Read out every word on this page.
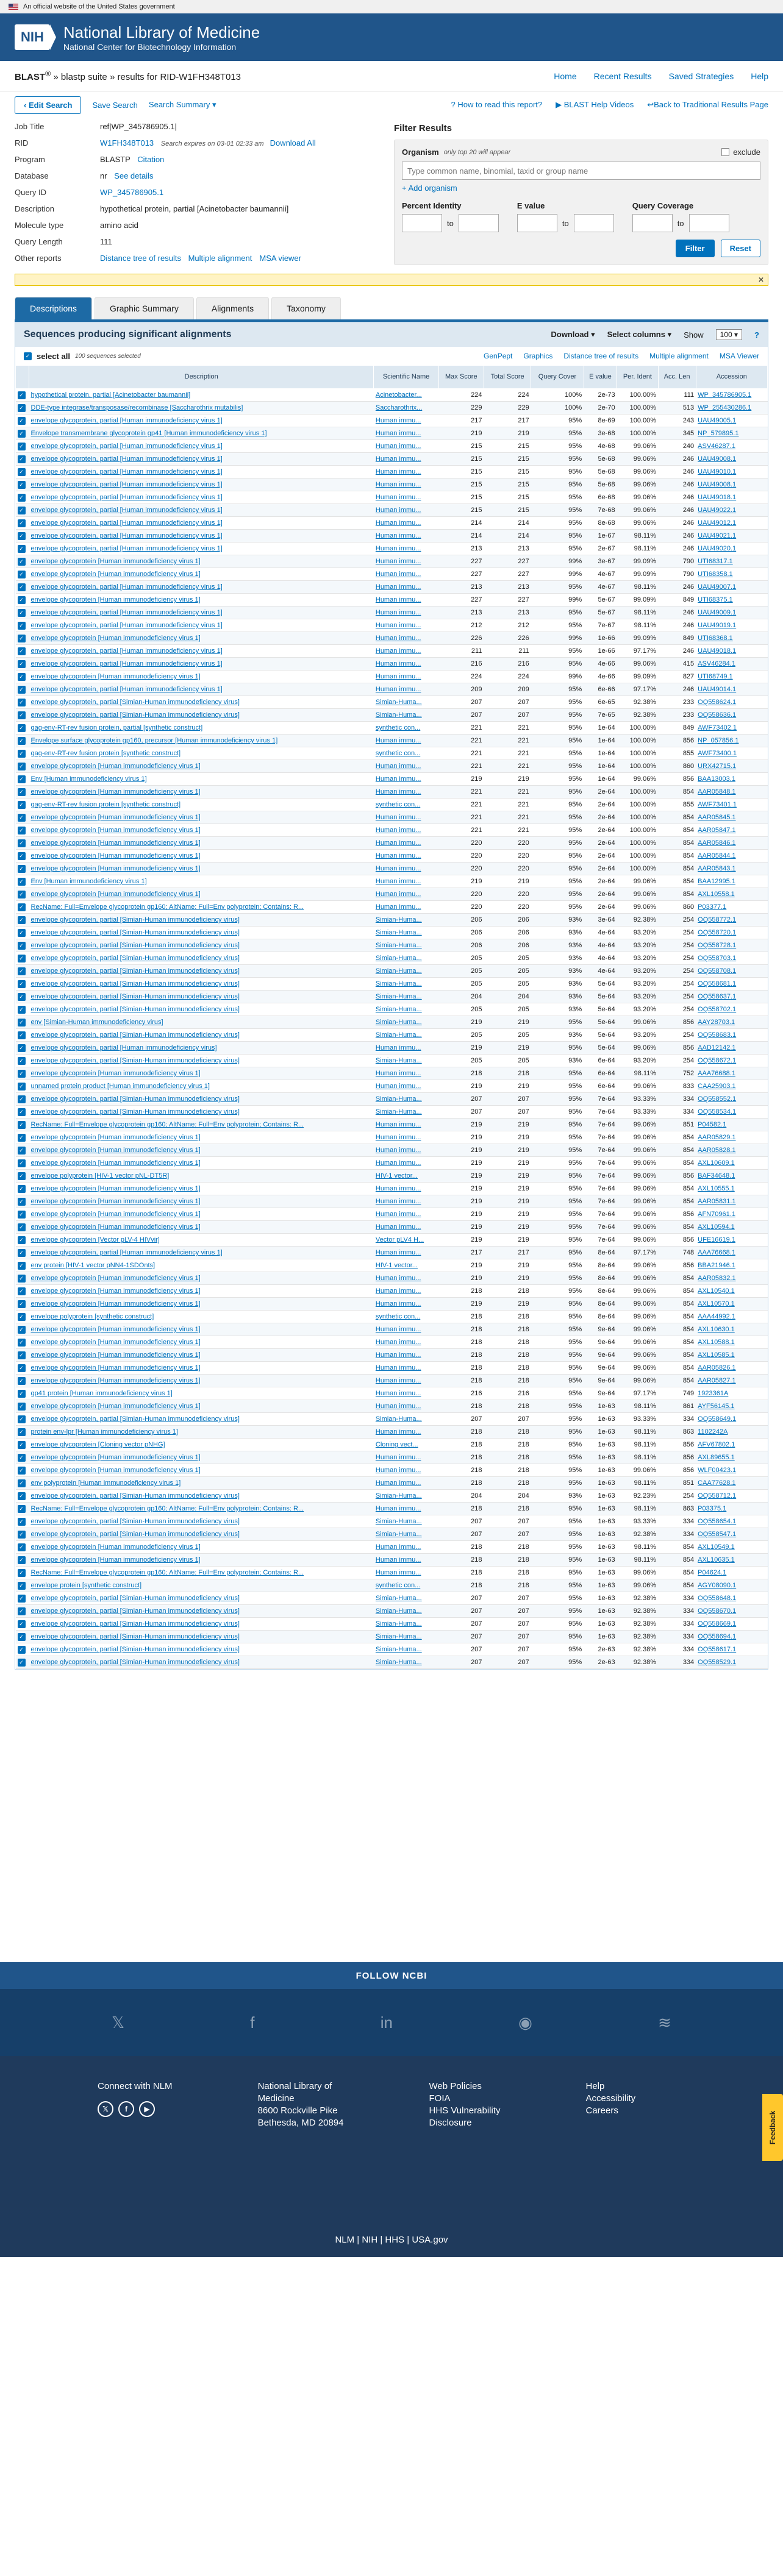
An official website of the United States government
NIH	National Library of Medicine
National Center for Biotechnology Information
BLAST® » blastp suite » results for RID-W1FH348T013	Home Recent Results Saved Strategies Help
‹ Edit Search	Save Search Search Summary ▾	? How to read this report? ▶ BLAST Help Videos ↩Back to Traditional Results Page
Job Title	ref|WP_345786905.1|
RID	W1FH348T013 Search expires on 03-01 02:33 am Download All
Program	BLASTP Citation
Database	nr See details
Query ID	WP_345786905.1
Description	hypothetical protein, partial [Acinetobacter baumannii]
Molecule type	amino acid
Query Length	111
Other reports	Distance tree of results Multiple alignment MSA viewer
Filter Results
Organism only top 20 will appear	exclude
Type common name, binomial, taxid or group name
+ Add organism
Percent Identity
to
E value
to
Query Coverage
to
Filter	Reset
✕
Descriptions	Graphic Summary	Alignments	Taxonomy
Sequences producing significant alignments	Download ▾ Select columns ▾ Show	100 ▾	?
✓ select all 100 sequences selected	GenPept Graphics Distance tree of results Multiple alignment MSA Viewer
	Description	Scientific Name	Max Score	Total Score	Query Cover	E value	Per. Ident	Acc. Len	Accession
✓	hypothetical protein, partial [Acinetobacter baumannii]	Acinetobacter...	224	224	100%	2e-73	100.00%	111	WP_345786905.1
✓	DDE-type integrase/transposase/recombinase [Saccharothrix mutabilis]	Saccharothrix...	229	229	100%	2e-70	100.00%	513	WP_255430286.1
✓	envelope glycoprotein, partial [Human immunodeficiency virus 1]	Human immu...	217	217	95%	8e-69	100.00%	243	UAU49005.1
✓	Envelope transmembrane glycoprotein gp41 [Human immunodeficiency virus 1]	Human immu...	219	219	95%	3e-68	100.00%	345	NP_579895.1
✓	envelope glycoprotein, partial [Human immunodeficiency virus 1]	Human immu...	215	215	95%	4e-68	99.06%	240	ASV46287.1
✓	envelope glycoprotein, partial [Human immunodeficiency virus 1]	Human immu...	215	215	95%	5e-68	99.06%	246	UAU49008.1
✓	envelope glycoprotein, partial [Human immunodeficiency virus 1]	Human immu...	215	215	95%	5e-68	99.06%	246	UAU49010.1
✓	envelope glycoprotein, partial [Human immunodeficiency virus 1]	Human immu...	215	215	95%	5e-68	99.06%	246	UAU49008.1
✓	envelope glycoprotein, partial [Human immunodeficiency virus 1]	Human immu...	215	215	95%	6e-68	99.06%	246	UAU49018.1
✓	envelope glycoprotein, partial [Human immunodeficiency virus 1]	Human immu...	215	215	95%	7e-68	99.06%	246	UAU49022.1
✓	envelope glycoprotein, partial [Human immunodeficiency virus 1]	Human immu...	214	214	95%	8e-68	99.06%	246	UAU49012.1
✓	envelope glycoprotein, partial [Human immunodeficiency virus 1]	Human immu...	214	214	95%	1e-67	98.11%	246	UAU49021.1
✓	envelope glycoprotein, partial [Human immunodeficiency virus 1]	Human immu...	213	213	95%	2e-67	98.11%	246	UAU49020.1
✓	envelope glycoprotein [Human immunodeficiency virus 1]	Human immu...	227	227	99%	3e-67	99.09%	790	UTI68317.1
✓	envelope glycoprotein [Human immunodeficiency virus 1]	Human immu...	227	227	99%	4e-67	99.09%	790	UTI68358.1
✓	envelope glycoprotein, partial [Human immunodeficiency virus 1]	Human immu...	213	213	95%	4e-67	98.11%	246	UAU49007.1
✓	envelope glycoprotein [Human immunodeficiency virus 1]	Human immu...	227	227	99%	5e-67	99.09%	849	UTI68375.1
✓	envelope glycoprotein, partial [Human immunodeficiency virus 1]	Human immu...	213	213	95%	5e-67	98.11%	246	UAU49009.1
✓	envelope glycoprotein, partial [Human immunodeficiency virus 1]	Human immu...	212	212	95%	7e-67	98.11%	246	UAU49019.1
✓	envelope glycoprotein [Human immunodeficiency virus 1]	Human immu...	226	226	99%	1e-66	99.09%	849	UTI68368.1
✓	envelope glycoprotein, partial [Human immunodeficiency virus 1]	Human immu...	211	211	95%	1e-66	97.17%	246	UAU49018.1
✓	envelope glycoprotein, partial [Human immunodeficiency virus 1]	Human immu...	216	216	95%	4e-66	99.06%	415	ASV46284.1
✓	envelope glycoprotein [Human immunodeficiency virus 1]	Human immu...	224	224	99%	4e-66	99.09%	827	UTI68749.1
✓	envelope glycoprotein, partial [Human immunodeficiency virus 1]	Human immu...	209	209	95%	6e-66	97.17%	246	UAU49014.1
✓	envelope glycoprotein, partial [Simian-Human immunodeficiency virus]	Simian-Huma...	207	207	95%	6e-65	92.38%	233	OQ558624.1
✓	envelope glycoprotein, partial [Simian-Human immunodeficiency virus]	Simian-Huma...	207	207	95%	7e-65	92.38%	233	OQ558636.1
✓	gag-env-RT-rev fusion protein, partial [synthetic construct]	synthetic con...	221	221	95%	1e-64	100.00%	849	AWF73402.1
✓	Envelope surface glycoprotein gp160, precursor [Human immunodeficiency virus 1]	Human immu...	221	221	95%	1e-64	100.00%	856	NP_057856.1
✓	gag-env-RT-rev fusion protein [synthetic construct]	synthetic con...	221	221	95%	1e-64	100.00%	855	AWF73400.1
✓	envelope glycoprotein [Human immunodeficiency virus 1]	Human immu...	221	221	95%	1e-64	100.00%	860	URX42715.1
✓	Env [Human immunodeficiency virus 1]	Human immu...	219	219	95%	1e-64	99.06%	856	BAA13003.1
✓	envelope glycoprotein [Human immunodeficiency virus 1]	Human immu...	221	221	95%	2e-64	100.00%	854	AAR05848.1
✓	gag-env-RT-rev fusion protein [synthetic construct]	synthetic con...	221	221	95%	2e-64	100.00%	855	AWF73401.1
✓	envelope glycoprotein [Human immunodeficiency virus 1]	Human immu...	221	221	95%	2e-64	100.00%	854	AAR05845.1
✓	envelope glycoprotein [Human immunodeficiency virus 1]	Human immu...	221	221	95%	2e-64	100.00%	854	AAR05847.1
✓	envelope glycoprotein [Human immunodeficiency virus 1]	Human immu...	220	220	95%	2e-64	100.00%	854	AAR05846.1
✓	envelope glycoprotein [Human immunodeficiency virus 1]	Human immu...	220	220	95%	2e-64	100.00%	854	AAR05844.1
✓	envelope glycoprotein [Human immunodeficiency virus 1]	Human immu...	220	220	95%	2e-64	100.00%	854	AAR05843.1
✓	Env [Human immunodeficiency virus 1]	Human immu...	219	219	95%	2e-64	99.06%	854	BAA12995.1
✓	envelope glycoprotein [Human immunodeficiency virus 1]	Human immu...	220	220	95%	2e-64	99.06%	854	AXL10558.1
✓	RecName: Full=Envelope glycoprotein gp160; AltName: Full=Env polyprotein; Contains: R...	Human immu...	220	220	95%	2e-64	99.06%	860	P03377.1
✓	envelope glycoprotein, partial [Simian-Human immunodeficiency virus]	Simian-Huma...	206	206	93%	3e-64	92.38%	254	OQ558772.1
✓	envelope glycoprotein, partial [Simian-Human immunodeficiency virus]	Simian-Huma...	206	206	93%	4e-64	93.20%	254	OQ558720.1
✓	envelope glycoprotein, partial [Simian-Human immunodeficiency virus]	Simian-Huma...	206	206	93%	4e-64	93.20%	254	OQ558728.1
✓	envelope glycoprotein, partial [Simian-Human immunodeficiency virus]	Simian-Huma...	205	205	93%	4e-64	93.20%	254	OQ558703.1
✓	envelope glycoprotein, partial [Simian-Human immunodeficiency virus]	Simian-Huma...	205	205	93%	4e-64	93.20%	254	OQ558708.1
✓	envelope glycoprotein, partial [Simian-Human immunodeficiency virus]	Simian-Huma...	205	205	93%	5e-64	93.20%	254	OQ558681.1
✓	envelope glycoprotein, partial [Simian-Human immunodeficiency virus]	Simian-Huma...	204	204	93%	5e-64	93.20%	254	OQ558637.1
✓	envelope glycoprotein, partial [Simian-Human immunodeficiency virus]	Simian-Huma...	205	205	93%	5e-64	93.20%	254	OQ558702.1
✓	env [Simian-Human immunodeficiency virus]	Simian-Huma...	219	219	95%	5e-64	99.06%	856	AAY28703.1
✓	envelope glycoprotein, partial [Simian-Human immunodeficiency virus]	Simian-Huma...	205	205	93%	5e-64	93.20%	254	OQ558683.1
✓	envelope glycoprotein, partial [Human immunodeficiency virus]	Human immu...	219	219	95%	5e-64	99.06%	856	AAD12142.1
✓	envelope glycoprotein, partial [Simian-Human immunodeficiency virus]	Simian-Huma...	205	205	93%	6e-64	93.20%	254	OQ558672.1
✓	envelope glycoprotein [Human immunodeficiency virus 1]	Human immu...	218	218	95%	6e-64	98.11%	752	AAA76688.1
✓	unnamed protein product [Human immunodeficiency virus 1]	Human immu...	219	219	95%	6e-64	99.06%	833	CAA25903.1
✓	envelope glycoprotein, partial [Simian-Human immunodeficiency virus]	Simian-Huma...	207	207	95%	7e-64	93.33%	334	OQ558552.1
✓	envelope glycoprotein, partial [Simian-Human immunodeficiency virus]	Simian-Huma...	207	207	95%	7e-64	93.33%	334	OQ558534.1
✓	RecName: Full=Envelope glycoprotein gp160; AltName: Full=Env polyprotein; Contains: R...	Human immu...	219	219	95%	7e-64	99.06%	851	P04582.1
✓	envelope glycoprotein [Human immunodeficiency virus 1]	Human immu...	219	219	95%	7e-64	99.06%	854	AAR05829.1
✓	envelope glycoprotein [Human immunodeficiency virus 1]	Human immu...	219	219	95%	7e-64	99.06%	854	AAR05828.1
✓	envelope glycoprotein [Human immunodeficiency virus 1]	Human immu...	219	219	95%	7e-64	99.06%	854	AXL10609.1
✓	envelope polyprotein [HIV-1 vector pNL-DT5R]	HIV-1 vector...	219	219	95%	7e-64	99.06%	856	BAF34648.1
✓	envelope glycoprotein [Human immunodeficiency virus 1]	Human immu...	219	219	95%	7e-64	99.06%	854	AXL10555.1
✓	envelope glycoprotein [Human immunodeficiency virus 1]	Human immu...	219	219	95%	7e-64	99.06%	854	AAR05831.1
✓	envelope glycoprotein [Human immunodeficiency virus 1]	Human immu...	219	219	95%	7e-64	99.06%	856	AFN70961.1
✓	envelope glycoprotein [Human immunodeficiency virus 1]	Human immu...	219	219	95%	7e-64	99.06%	854	AXL10594.1
✓	envelope glycoprotein [Vector pLV-4 HIVvir]	Vector pLV4 H...	219	219	95%	7e-64	99.06%	856	UFE16619.1
✓	envelope glycoprotein, partial [Human immunodeficiency virus 1]	Human immu...	217	217	95%	8e-64	97.17%	748	AAA76668.1
✓	env protein [HIV-1 vector pNN4-1SDOnts]	HIV-1 vector...	219	219	95%	8e-64	99.06%	856	BBA21946.1
✓	envelope glycoprotein [Human immunodeficiency virus 1]	Human immu...	219	219	95%	8e-64	99.06%	854	AAR05832.1
✓	envelope glycoprotein [Human immunodeficiency virus 1]	Human immu...	218	218	95%	8e-64	99.06%	854	AXL10540.1
✓	envelope glycoprotein [Human immunodeficiency virus 1]	Human immu...	219	219	95%	8e-64	99.06%	854	AXL10570.1
✓	envelope polyprotein [synthetic construct]	synthetic con...	218	218	95%	8e-64	99.06%	854	AAA44992.1
✓	envelope glycoprotein [Human immunodeficiency virus 1]	Human immu...	218	218	95%	9e-64	99.06%	854	AXL10630.1
✓	envelope glycoprotein [Human immunodeficiency virus 1]	Human immu...	218	218	95%	9e-64	99.06%	854	AXL10588.1
✓	envelope glycoprotein [Human immunodeficiency virus 1]	Human immu...	218	218	95%	9e-64	99.06%	854	AXL10585.1
✓	envelope glycoprotein [Human immunodeficiency virus 1]	Human immu...	218	218	95%	9e-64	99.06%	854	AAR05826.1
✓	envelope glycoprotein [Human immunodeficiency virus 1]	Human immu...	218	218	95%	9e-64	99.06%	854	AAR05827.1
✓	gp41 protein [Human immunodeficiency virus 1]	Human immu...	216	216	95%	9e-64	97.17%	749	1923361A
✓	envelope glycoprotein [Human immunodeficiency virus 1]	Human immu...	218	218	95%	1e-63	98.11%	861	AYF56145.1
✓	envelope glycoprotein, partial [Simian-Human immunodeficiency virus]	Simian-Huma...	207	207	95%	1e-63	93.33%	334	OQ558649.1
✓	protein env-lpr [Human immunodeficiency virus 1]	Human immu...	218	218	95%	1e-63	98.11%	863	1102242A
✓	envelope glycoprotein [Cloning vector pNHG]	Cloning vect...	218	218	95%	1e-63	98.11%	856	AFV67802.1
✓	envelope glycoprotein [Human immunodeficiency virus 1]	Human immu...	218	218	95%	1e-63	98.11%	856	AXL89655.1
✓	envelope glycoprotein [Human immunodeficiency virus 1]	Human immu...	218	218	95%	1e-63	99.06%	856	WLF00423.1
✓	env polyprotein [Human immunodeficiency virus 1]	Human immu...	218	218	95%	1e-63	98.11%	851	CAA77628.1
✓	envelope glycoprotein, partial [Simian-Human immunodeficiency virus]	Simian-Huma...	204	204	93%	1e-63	92.23%	254	OQ558712.1
✓	RecName: Full=Envelope glycoprotein gp160; AltName: Full=Env polyprotein; Contains: R...	Human immu...	218	218	95%	1e-63	98.11%	863	P03375.1
✓	envelope glycoprotein, partial [Simian-Human immunodeficiency virus]	Simian-Huma...	207	207	95%	1e-63	93.33%	334	OQ558654.1
✓	envelope glycoprotein, partial [Simian-Human immunodeficiency virus]	Simian-Huma...	207	207	95%	1e-63	92.38%	334	OQ558547.1
✓	envelope glycoprotein [Human immunodeficiency virus 1]	Human immu...	218	218	95%	1e-63	98.11%	854	AXL10549.1
✓	envelope glycoprotein [Human immunodeficiency virus 1]	Human immu...	218	218	95%	1e-63	98.11%	854	AXL10635.1
✓	RecName: Full=Envelope glycoprotein gp160; AltName: Full=Env polyprotein; Contains: R...	Human immu...	218	218	95%	1e-63	99.06%	854	P04624.1
✓	envelope protein [synthetic construct]	synthetic con...	218	218	95%	1e-63	99.06%	854	AGY08090.1
✓	envelope glycoprotein, partial [Simian-Human immunodeficiency virus]	Simian-Huma...	207	207	95%	1e-63	92.38%	334	OQ558648.1
✓	envelope glycoprotein, partial [Simian-Human immunodeficiency virus]	Simian-Huma...	207	207	95%	1e-63	92.38%	334	OQ558670.1
✓	envelope glycoprotein, partial [Simian-Human immunodeficiency virus]	Simian-Huma...	207	207	95%	1e-63	92.38%	334	OQ558669.1
✓	envelope glycoprotein, partial [Simian-Human immunodeficiency virus]	Simian-Huma...	207	207	95%	1e-63	92.38%	334	OQ558694.1
✓	envelope glycoprotein, partial [Simian-Human immunodeficiency virus]	Simian-Huma...	207	207	95%	2e-63	92.38%	334	OQ558617.1
✓	envelope glycoprotein, partial [Simian-Human immunodeficiency virus]	Simian-Huma...	207	207	95%	2e-63	92.38%	334	OQ558529.1
FOLLOW NCBI
𝕏	f	in	◉	≋
Connect with NLM
𝕏	f	▶
National Library of
Medicine
8600 Rockville Pike
Bethesda, MD 20894
Web Policies
FOIA
HHS Vulnerability
Disclosure
Help
Accessibility
Careers
NLM | NIH | HHS | USA.gov
Feedback
